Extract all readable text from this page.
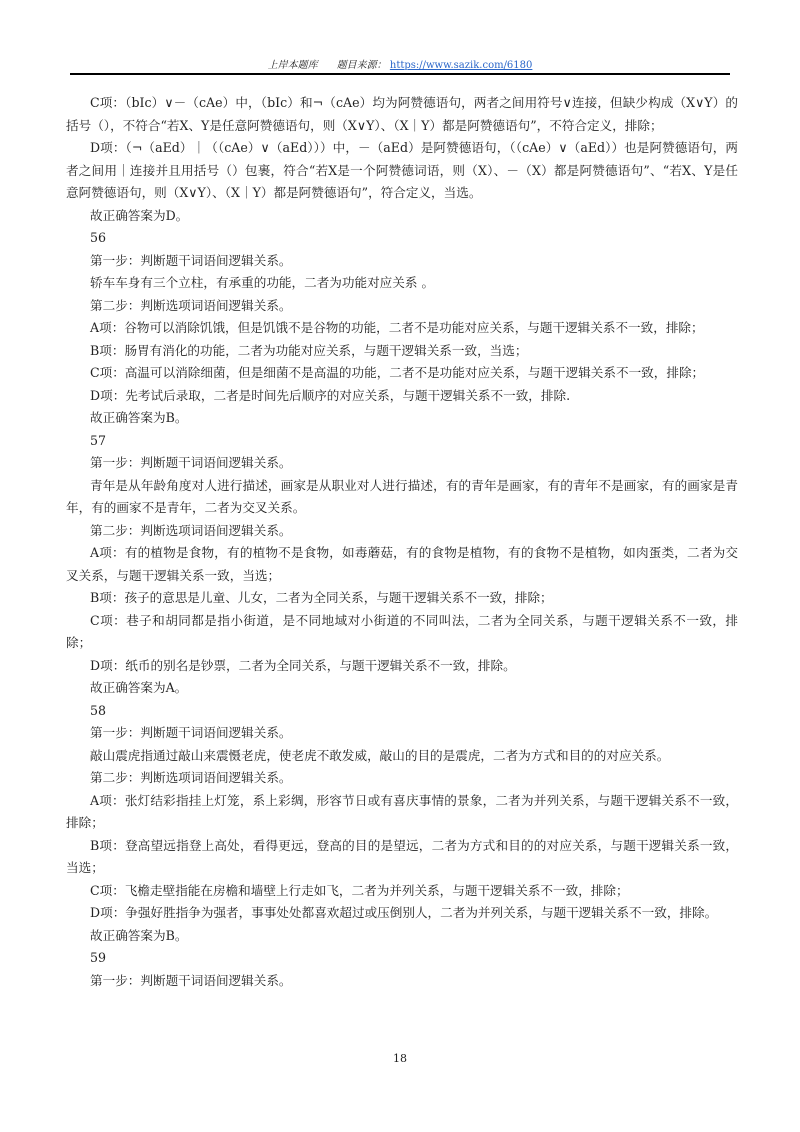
上岸本题库 题目来源： https://www.sazik.com/6180

C项：（bIc）∨－（cAe）中，（bIc）和¬（cAe）均为阿赞德语句，两者之间用符号∨连接，但缺少构成（X∨Y）的括号（），不符合“若X、Y是任意阿赞德语句，则（X∨Y）、（X｜Y）都是阿赞德语句”，不符合定义，排除；

D项：（¬（aEd）｜（（cAe）∨（aEd）））中，－（aEd）是阿赞德语句，（（cAe）∨（aEd））也是阿赞德语句，两者之间用｜连接并且用括号（）包裹，符合“若X是一个阿赞德词语，则（X）、－（X）都是阿赞德语句”、“若X、Y是任意阿赞德语句，则（X∨Y）、（X｜Y）都是阿赞德语句”，符合定义，当选。

故正确答案为D。

56

第一步：判断题干词语间逻辑关系。

轿车车身有三个立柱，有承重的功能，二者为功能对应关系 。

第二步：判断选项词语间逻辑关系。

A项：谷物可以消除饥饿，但是饥饿不是谷物的功能，二者不是功能对应关系，与题干逻辑关系不一致，排除；

B项：肠胃有消化的功能，二者为功能对应关系，与题干逻辑关系一致，当选；

C项：高温可以消除细菌，但是细菌不是高温的功能，二者不是功能对应关系，与题干逻辑关系不一致，排除；

D项：先考试后录取，二者是时间先后顺序的对应关系，与题干逻辑关系不一致，排除.

故正确答案为B。

57

第一步：判断题干词语间逻辑关系。

青年是从年龄角度对人进行描述，画家是从职业对人进行描述，有的青年是画家，有的青年不是画家，有的画家是青年，有的画家不是青年，二者为交叉关系。

第二步：判断选项词语间逻辑关系。

A项：有的植物是食物，有的植物不是食物，如毒蘑菇，有的食物是植物，有的食物不是植物，如肉蛋类，二者为交叉关系，与题干逻辑关系一致，当选；

B项：孩子的意思是儿童、儿女，二者为全同关系，与题干逻辑关系不一致，排除；

C项：巷子和胡同都是指小街道，是不同地域对小街道的不同叫法，二者为全同关系，与题干逻辑关系不一致，排除；

D项：纸币的别名是钞票，二者为全同关系，与题干逻辑关系不一致，排除。

故正确答案为A。

58

第一步：判断题干词语间逻辑关系。

敲山震虎指通过敲山来震慑老虎，使老虎不敢发威，敲山的目的是震虎，二者为方式和目的的对应关系。

第二步：判断选项词语间逻辑关系。

A项：张灯结彩指挂上灯笼，系上彩绸，形容节日或有喜庆事情的景象，二者为并列关系，与题干逻辑关系不一致，排除；

B项：登高望远指登上高处，看得更远，登高的目的是望远，二者为方式和目的的对应关系，与题干逻辑关系一致，当选；

C项：飞檐走壁指能在房檐和墙壁上行走如飞，二者为并列关系，与题干逻辑关系不一致，排除；

D项：争强好胜指争为强者，事事处处都喜欢超过或压倒别人，二者为并列关系，与题干逻辑关系不一致，排除。

故正确答案为B。

59

第一步：判断题干词语间逻辑关系。

18
